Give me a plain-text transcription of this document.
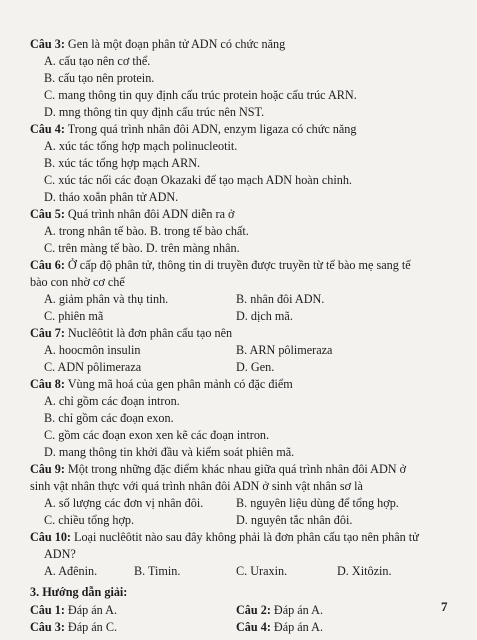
Câu 3: Gen là một đoạn phân tử ADN có chức năng
A. cấu tạo nên cơ thể.
B. cấu tạo nên protein.
C. mang thông tin quy định cấu trúc protein hoặc cấu trúc ARN.
D. mng thông tin quy định cấu trúc nên NST.
Câu 4: Trong quá trình nhân đôi ADN, enzym ligaza có chức năng
A. xúc tác tổng hợp mạch polinucleotit.
B. xúc tác tổng hợp mạch ARN.
C. xúc tác nối các đoạn Okazaki để tạo mạch ADN hoàn chỉnh.
D. tháo xoắn phân tử ADN.
Câu 5: Quá trình nhân đôi ADN diễn ra ở
A. trong nhân tế bào. B. trong tế bào chất.
C. trên màng tế bào. D. trên màng nhân.
Câu 6: Ở cấp độ phân tử, thông tin di truyền được truyền từ tế bào mẹ sang tế
bào con nhờ cơ chế
A. giảm phân và thụ tinh.	B. nhân đôi ADN.
C. phiên mã	D. dịch mã.
Câu 7: Nuclêôtit là đơn phân cấu tạo nên
A. hoocmôn insulin	B. ARN pôlimeraza
C. ADN pôlimeraza	D. Gen.
Câu 8: Vùng mã hoá của gen phân mảnh có đặc điểm
A. chỉ gồm các đoạn intron.
B. chỉ gồm các đoạn exon.
C. gồm các đoạn exon xen kẽ các đoạn intron.
D. mang thông tin khởi đầu và kiểm soát phiên mã.
Câu 9: Một trong những đặc điểm khác nhau giữa quá trình nhân đôi ADN ở
sinh vật nhân thực với quá trình nhân đôi ADN ở sinh vật nhân sơ là
A. số lượng các đơn vị nhân đôi.	B. nguyên liệu dùng để tổng hợp.
C. chiều tổng hợp.	D. nguyên tắc nhân đôi.
Câu 10: Loại nuclêôtit nào sau đây không phải là đơn phân cấu tạo nên phân tử
ADN?
A. Ađênin.	B. Timin.	C. Uraxin.	D. Xitôzin.
3. Hướng dẫn giải:
Câu 1: Đáp án A.	Câu 2: Đáp án A.
Câu 3: Đáp án C.	Câu 4: Đáp án A.
7
